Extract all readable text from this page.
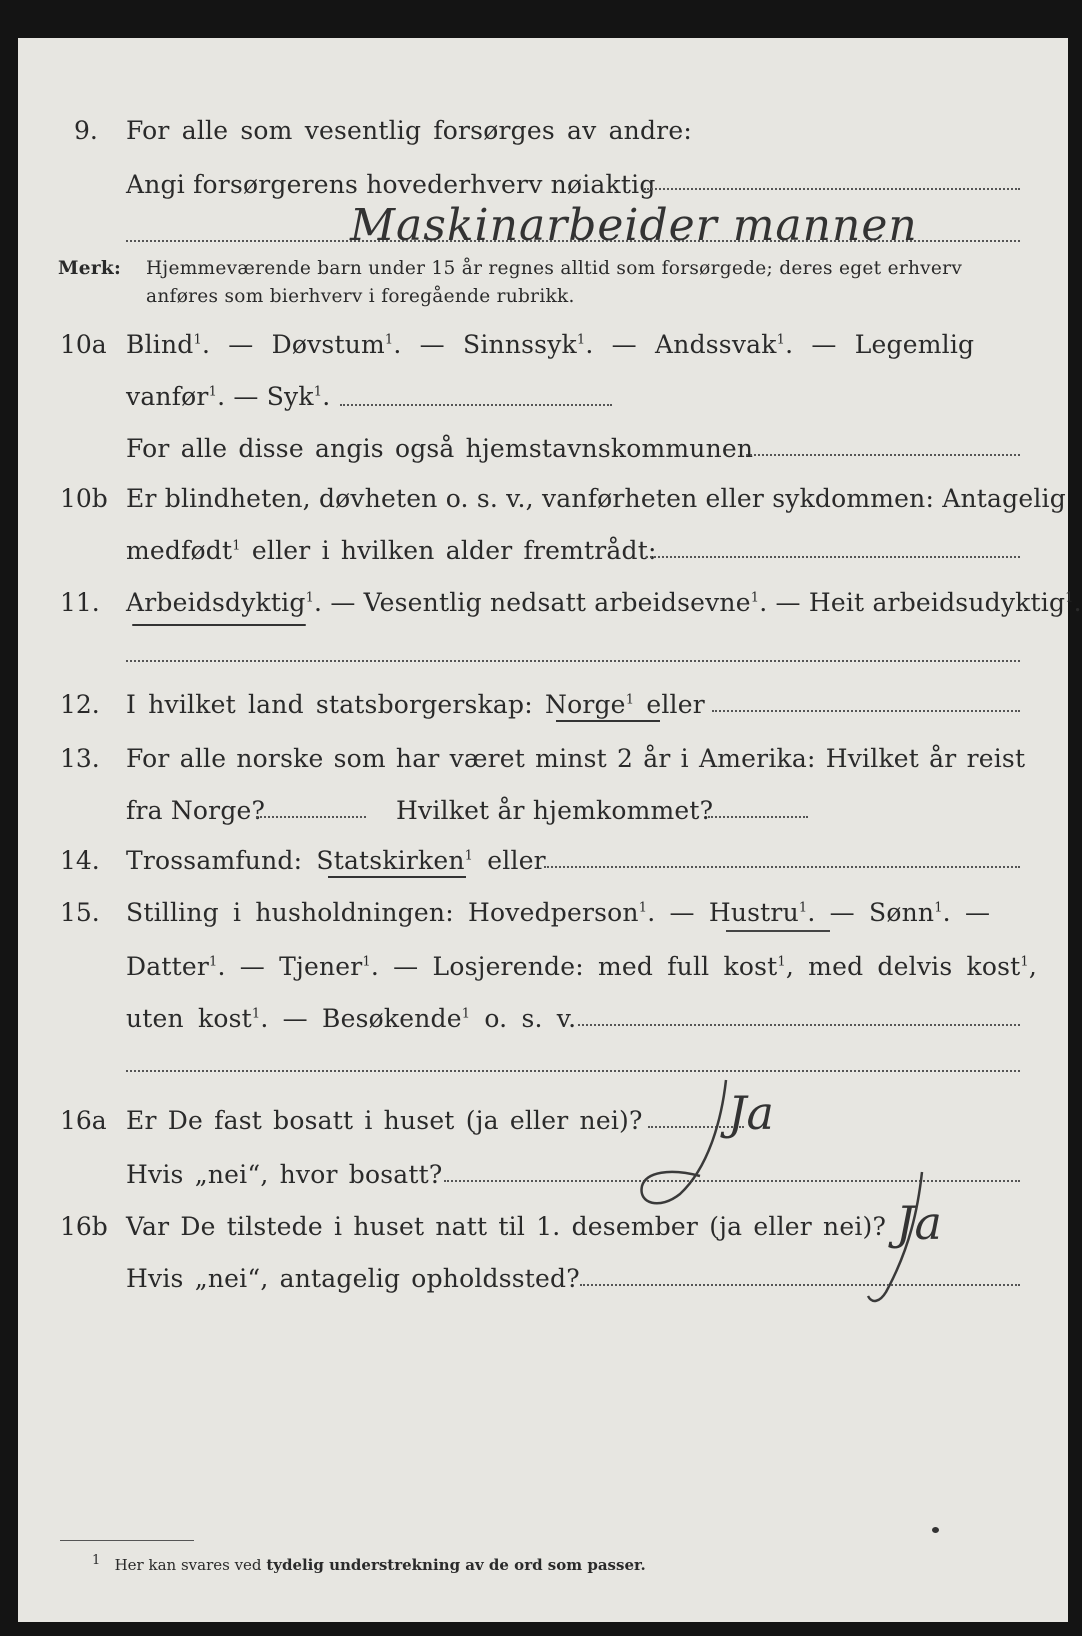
9. For alle som vesentlig forsørges av andre:
Angi forsørgerens hovederhverv nøiaktig
Maskinarbeider mannen
Merk: Hjemmeværende barn under 15 år regnes alltid som forsørgede; deres eget erhverv
anføres som bierhverv i foregående rubrikk.
10a Blind$^1$. — Døvstum$^1$. — Sinnssyk$^1$. — Andssvak$^1$. — Legemlig
vanfør$^1$. — Syk$^1$.
For alle disse angis også hjemstavnskommunen
10b Er blindheten, døvheten o. s. v., vanførheten eller sykdommen: Antagelig
medfødt$^1$ eller i hvilken alder fremtrådt:
11. Arbeidsdyktig$^1$. — Vesentlig nedsatt arbeidsevne$^1$. — Heit arbeidsudyktig$^1$.
12. I hvilket land statsborgerskap: Norge$^1$ eller
13. For alle norske som har været minst 2 år i Amerika: Hvilket år reist
fra Norge?	Hvilket år hjemkommet?
14. Trossamfund: Statskirken$^1$ eller
15. Stilling i husholdningen: Hovedperson$^1$. — Hustru$^1$. — Sønn$^1$. —
Datter$^1$. — Tjener$^1$. — Losjerende: med full kost$^1$, med delvis kost$^1$,
uten kost$^1$. — Besøkende$^1$ o. s. v.
16a Er De fast bosatt i huset (ja eller nei)? Ja
Hvis „nei“, hvor bosatt?
16b Var De tilstede i huset natt til 1. desember (ja eller nei)? Ja
Hvis „nei“, antagelig opholdssted?
$^1$ Her kan svares ved tydelig understrekning av de ord som passer.
